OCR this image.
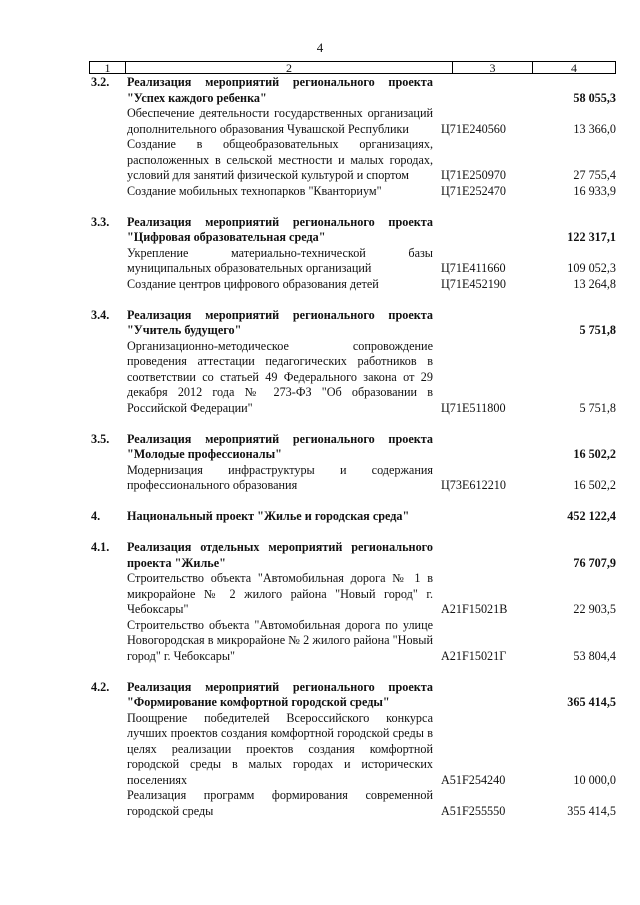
4
1	2	3	4
3.2.	Реализация мероприятий регионального проекта "Успех каждого ребенка"	58 055,3
Обеспечение деятельности государственных организаций дополнительного образования Чувашской Республики	Ц71Е240560	13 366,0
Создание в общеобразовательных организациях, расположенных в сельской местности и малых городах, условий для занятий физической культурой и спортом	Ц71Е250970	27 755,4
Создание мобильных технопарков "Кванториум"	Ц71Е252470	16 933,9
3.3.	Реализация мероприятий регионального проекта "Цифровая образовательная среда"	122 317,1
Укрепление материально-технической базы муниципальных образовательных организаций	Ц71Е411660	109 052,3
Создание центров цифрового образования детей	Ц71Е452190	13 264,8
3.4.	Реализация мероприятий регионального проекта "Учитель будущего"	5 751,8
Организационно-методическое сопровождение проведения аттестации педагогических работников в соответствии со статьей 49 Федерального закона от 29 декабря 2012 года № 273-ФЗ "Об образовании в Российской Федерации"	Ц71Е511800	5 751,8
3.5.	Реализация мероприятий регионального проекта "Молодые профессионалы"	16 502,2
Модернизация инфраструктуры и содержания профессионального образования	Ц73Е612210	16 502,2
4.	Национальный проект "Жилье и городская среда"	452 122,4
4.1.	Реализация отдельных мероприятий регионального проекта "Жилье"	76 707,9
Строительство объекта "Автомобильная дорога № 1 в микрорайоне № 2 жилого района "Новый город" г. Чебоксары"	А21F15021В	22 903,5
Строительство объекта "Автомобильная дорога по улице Новогородская в микрорайоне № 2 жилого района "Новый город" г. Чебоксары"	А21F15021Г	53 804,4
4.2.	Реализация мероприятий регионального проекта "Формирование комфортной городской среды"	365 414,5
Поощрение победителей Всероссийского конкурса лучших проектов создания комфортной городской среды в целях реализации проектов создания комфортной городской среды в малых городах и исторических поселениях	А51F254240	10 000,0
Реализация программ формирования современной городской среды	А51F255550	355 414,5
